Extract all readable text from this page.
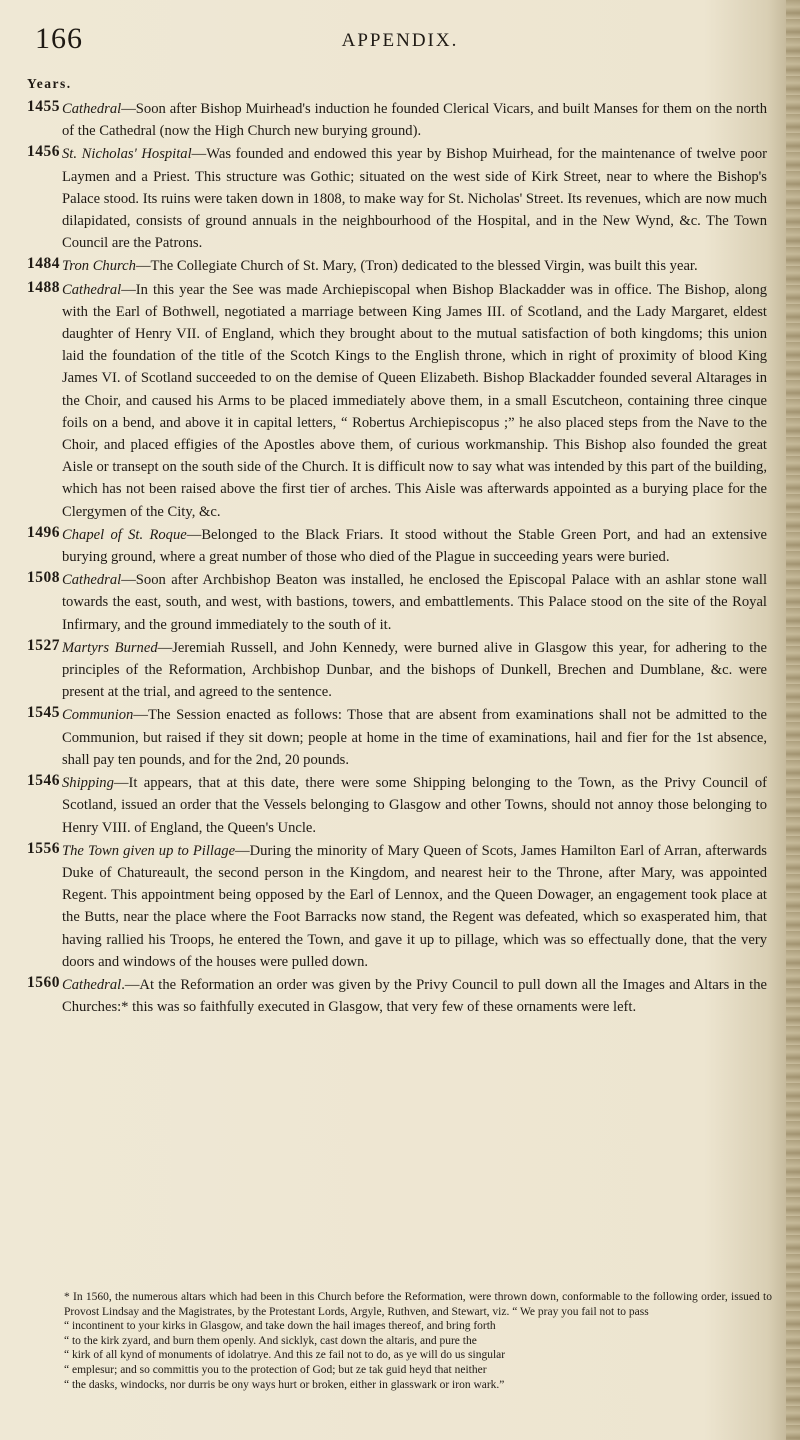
166	APPENDIX.
Years.
1455 Cathedral—Soon after Bishop Muirhead's induction he founded Clerical Vicars, and built Manses for them on the north of the Cathedral (now the High Church new burying ground).
1456 St. Nicholas' Hospital—Was founded and endowed this year by Bishop Muirhead, for the maintenance of twelve poor Laymen and a Priest. This structure was Gothic; situated on the west side of Kirk Street, near to where the Bishop's Palace stood. Its ruins were taken down in 1808, to make way for St. Nicholas' Street. Its revenues, which are now much dilapidated, consists of ground annuals in the neighbourhood of the Hospital, and in the New Wynd, &c. The Town Council are the Patrons.
1484 Tron Church—The Collegiate Church of St. Mary, (Tron) dedicated to the blessed Virgin, was built this year.
1488 Cathedral—In this year the See was made Archiepiscopal when Bishop Blackadder was in office. The Bishop, along with the Earl of Bothwell, negotiated a marriage between King James III. of Scotland, and the Lady Margaret, eldest daughter of Henry VII. of England, which they brought about to the mutual satisfaction of both kingdoms; this union laid the foundation of the title of the Scotch Kings to the English throne, which in right of proximity of blood King James VI. of Scotland succeeded to on the demise of Queen Elizabeth. Bishop Blackadder founded several Altarages in the Choir, and caused his Arms to be placed immediately above them, in a small Escutcheon, containing three cinque foils on a bend, and above it in capital letters, “ Robertus Archiepiscopus ;” he also placed steps from the Nave to the Choir, and placed effigies of the Apostles above them, of curious workmanship. This Bishop also founded the great Aisle or transept on the south side of the Church. It is difficult now to say what was intended by this part of the building, which has not been raised above the first tier of arches. This Aisle was afterwards appointed as a burying place for the Clergymen of the City, &c.
1496 Chapel of St. Roque—Belonged to the Black Friars. It stood without the Stable Green Port, and had an extensive burying ground, where a great number of those who died of the Plague in succeeding years were buried.
1508 Cathedral—Soon after Archbishop Beaton was installed, he enclosed the Episcopal Palace with an ashlar stone wall towards the east, south, and west, with bastions, towers, and embattlements. This Palace stood on the site of the Royal Infirmary, and the ground immediately to the south of it.
1527 Martyrs Burned—Jeremiah Russell, and John Kennedy, were burned alive in Glasgow this year, for adhering to the principles of the Reformation, Archbishop Dunbar, and the bishops of Dunkell, Brechen and Dumblane, &c. were present at the trial, and agreed to the sentence.
1545 Communion—The Session enacted as follows: Those that are absent from examinations shall not be admitted to the Communion, but raised if they sit down; people at home in the time of examinations, hail and fier for the 1st absence, shall pay ten pounds, and for the 2nd, 20 pounds.
1546 Shipping—It appears, that at this date, there were some Shipping belonging to the Town, as the Privy Council of Scotland, issued an order that the Vessels belonging to Glasgow and other Towns, should not annoy those belonging to Henry VIII. of England, the Queen's Uncle.
1556 The Town given up to Pillage—During the minority of Mary Queen of Scots, James Hamilton Earl of Arran, afterwards Duke of Chatureault, the second person in the Kingdom, and nearest heir to the Throne, after Mary, was appointed Regent. This appointment being opposed by the Earl of Lennox, and the Queen Dowager, an engagement took place at the Butts, near the place where the Foot Barracks now stand, the Regent was defeated, which so exasperated him, that having rallied his Troops, he entered the Town, and gave it up to pillage, which was so effectually done, that the very doors and windows of the houses were pulled down.
1560 Cathedral.—At the Reformation an order was given by the Privy Council to pull down all the Images and Altars in the Churches:* this was so faithfully executed in Glasgow, that very few of these ornaments were left.
* In 1560, the numerous altars which had been in this Church before the Reformation, were thrown down, conformable to the following order, issued to Provost Lindsay and the Magistrates, by the Protestant Lords, Argyle, Ruthven, and Stewart, viz. “ We pray you fail not to pass
“ incontinent to your kirks in Glasgow, and take down the hail images thereof, and bring forth
“ to the kirk zyard, and burn them openly. And sicklyk, cast down the altaris, and pure the
“ kirk of all kynd of monuments of idolatrye. And this ze fail not to do, as ye will do us singular
“ emplesur; and so committis you to the protection of God; but ze tak guid heyd that neither
“ the dasks, windocks, nor durris be ony ways hurt or broken, either in glasswark or iron wark.”
